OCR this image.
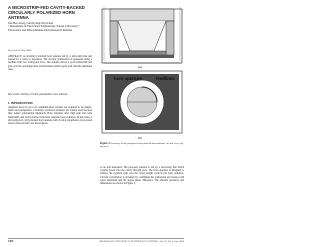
A MICROSTRIP-FED CAVITY-BACKED CIRCULARLY POLARIZED HORN ANTENNA
Jun-Hee Jeong,¹ and Kyung-Won Park²
¹ Department of Electronics Engineering, Yonsei University; ² Electronics and Telecommunications Research Institute
Received 31 May 2008
ABSTRACT: A circularly polarized horn antenna fed by a microstrip line and backed by a cavity is presented. The circular polarization is generated using a feedline with two orthogonal slots. The antenna shows a good bandwidth and gain over the operating band, and measured results agree well with the simulated ones.
Key words: antenna; circular polarization; horn antenna
1. INTRODUCTION
Antennas used in low-cost communication systems are required to be simple, small and inexpensive. Circularly polarized antennas are widely used because they reduce polarization mismatch. Horn antennas offer high gain and wide bandwidth, and cavity-backed structures suppress back radiation. In this letter, a microstrip-fed cavity-backed horn antenna with circular polarization is proposed and its characteristics are investigated.
(a)
horn aperture	feedlines
(b)
Figure 1 Geometry of the proposed cavity-backed horn antenna. (a) side view; (b) top view
is cut and measured. The proposed antenna is fed by a microstrip line which couples power into the cavity through slots. The horn aperture is designed to achieve the required gain, and the cavity height controls the back radiation. Circular polarization is obtained by combining the orthogonal slot modes with equal amplitude and 90 degree phase difference. The antenna geometry and dimensions are shown in Figure 1.
1454	MICROWAVE AND OPTICAL TECHNOLOGY LETTERS / Vol. 50, No. 6, June 2008
